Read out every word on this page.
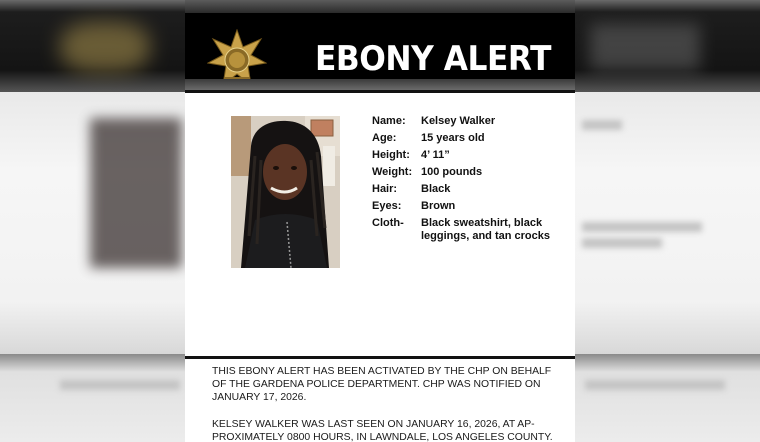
EBONY ALERT
Name:	Kelsey Walker
Age:	15 years old
Height:	4’ 11”
Weight: 100 pounds
Hair:	Black
Eyes:	Brown
Cloth-	Black sweatshirt, black leggings, and tan crocks

THIS EBONY ALERT HAS BEEN ACTIVATED BY THE CHP ON BEHALF OF THE GARDENA POLICE DEPARTMENT. CHP WAS NOTIFIED ON JANUARY 17, 2026.

KELSEY WALKER WAS LAST SEEN ON JANUARY 16, 2026, AT AP-PROXIMATELY 0800 HOURS, IN LAWNDALE, LOS ANGELES COUNTY.
